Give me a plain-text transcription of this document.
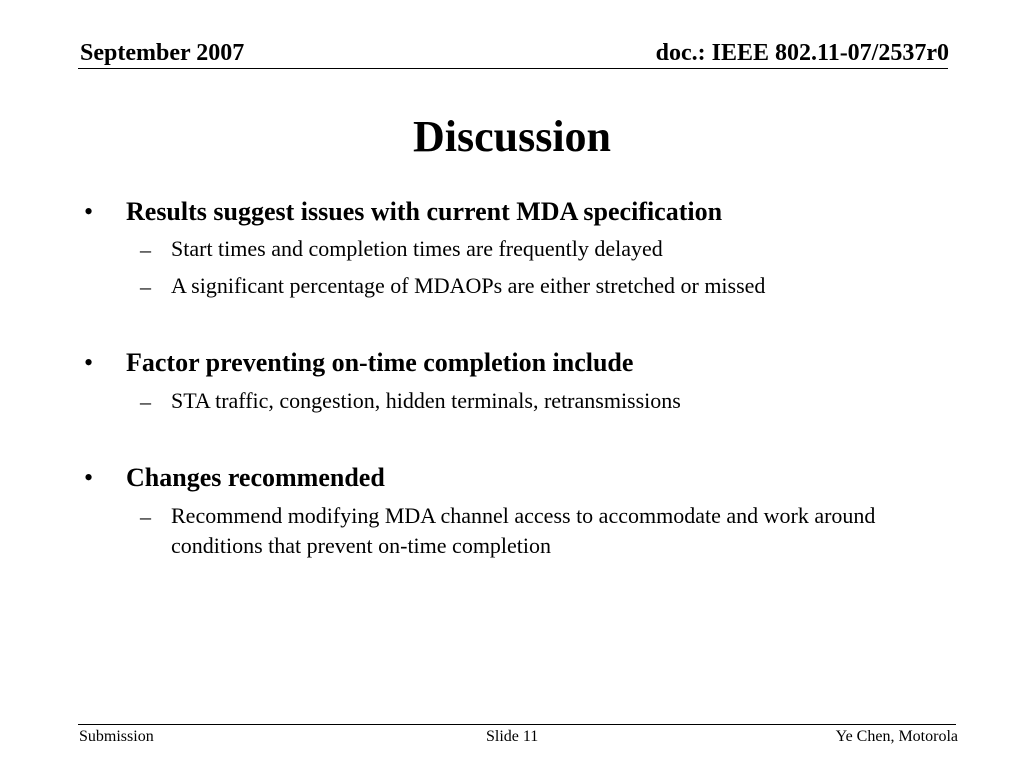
September 2007	doc.: IEEE 802.11-07/2537r0
Discussion
• Results suggest issues with current MDA specification
– Start times and completion times are frequently delayed
– A significant percentage of MDAOPs are either stretched or missed
• Factor preventing on-time completion include
– STA traffic, congestion, hidden terminals, retransmissions
• Changes recommended
– Recommend modifying MDA channel access to accommodate and work around conditions that prevent on-time completion
Submission	Slide 11	Ye Chen, Motorola
